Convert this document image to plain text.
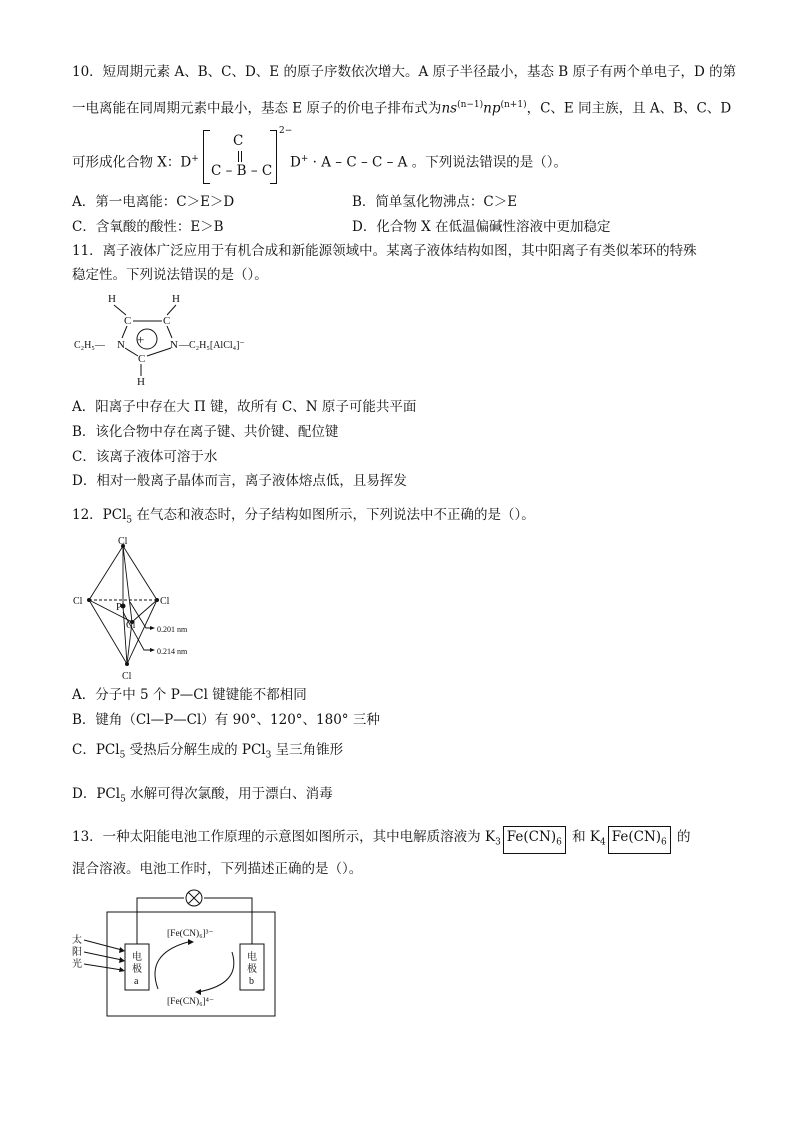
10．短周期元素 A、B、C、D、E 的原子序数依次增大。A 原子半径最小，基态 B 原子有两个单电子，D 的第
一电离能在同周期元素中最小，基态 E 原子的价电子排布式为$ns^{(n-1)}np^{(n+1)}$，C、E 同主族，且 A、B、C、D
可形成化合物 X：D+
C
C – B – C
2−
D+ · A – C – C – A 。下列说法错误的是（）。
A．第一电离能：C＞E＞D	B．简单氢化物沸点：C＞E
C．含氧酸的酸性：E＞B	D．化合物 X 在低温偏碱性溶液中更加稳定
11．离子液体广泛应用于有机合成和新能源领域中。某离子液体结构如图，其中阳离子有类似苯环的特殊
稳定性。下列说法错误的是（）。
H	H
C	C
N	N
+
C
H
C₂H₅—	—C₂H₅[AlCl₄]⁻
A．阳离子中存在大 Π 键，故所有 C、N 原子可能共平面
B．该化合物中存在离子键、共价键、配位键
C．该离子液体可溶于水
D．相对一般离子晶体而言，离子液体熔点低，且易挥发
12．PCl$_5$ 在气态和液态时，分子结构如图所示，下列说法中不正确的是（）。
Cl
Cl	Cl
Cl
Cl
P
0.201 nm
0.214 nm
A．分子中 5 个 P—Cl 键键能不都相同
B．键角（Cl—P—Cl）有 90°、120°、180° 三种
C．PCl$_5$ 受热后分解生成的 PCl$_3$ 呈三角锥形
D．PCl$_5$ 水解可得次氯酸，用于漂白、消毒
13．一种太阳能电池工作原理的示意图如图所示，其中电解质溶液为 $K_3$ $Fe(CN)_6$ 和 $K_4$ $Fe(CN)_6$ 的
混合溶液。电池工作时，下列描述正确的是（）。
太
阳
光
电
极
a
电
极
b
[Fe(CN)₆]³⁻
[Fe(CN)₆]⁴⁻
